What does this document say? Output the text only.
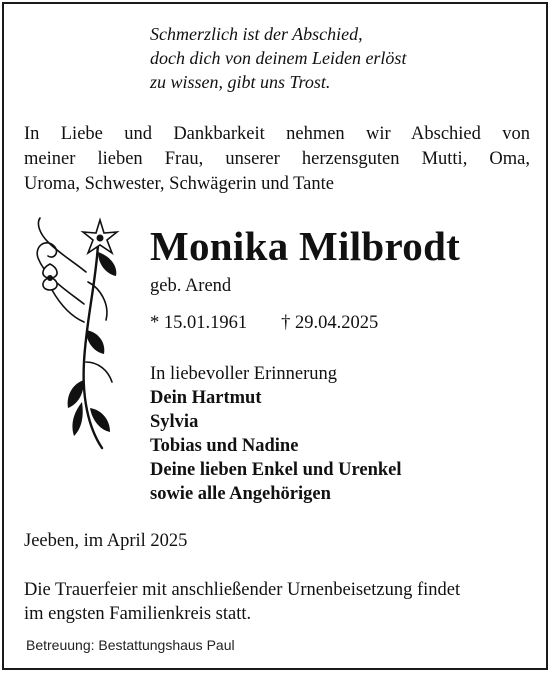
Schmerzlich ist der Abschied,
doch dich von deinem Leiden erlöst
zu wissen, gibt uns Trost.
In Liebe und Dankbarkeit nehmen wir Abschied von
meiner lieben Frau, unserer herzensguten Mutti, Oma,
Uroma, Schwester, Schwägerin und Tante
Monika Milbrodt
geb. Arend
* 15.01.1961 † 29.04.2025
In liebevoller Erinnerung
Dein Hartmut
Sylvia
Tobias und Nadine
Deine lieben Enkel und Urenkel
sowie alle Angehörigen
Jeeben, im April 2025
Die Trauerfeier mit anschließender Urnenbeisetzung findet
im engsten Familienkreis statt.
Betreuung: Bestattungshaus Paul
